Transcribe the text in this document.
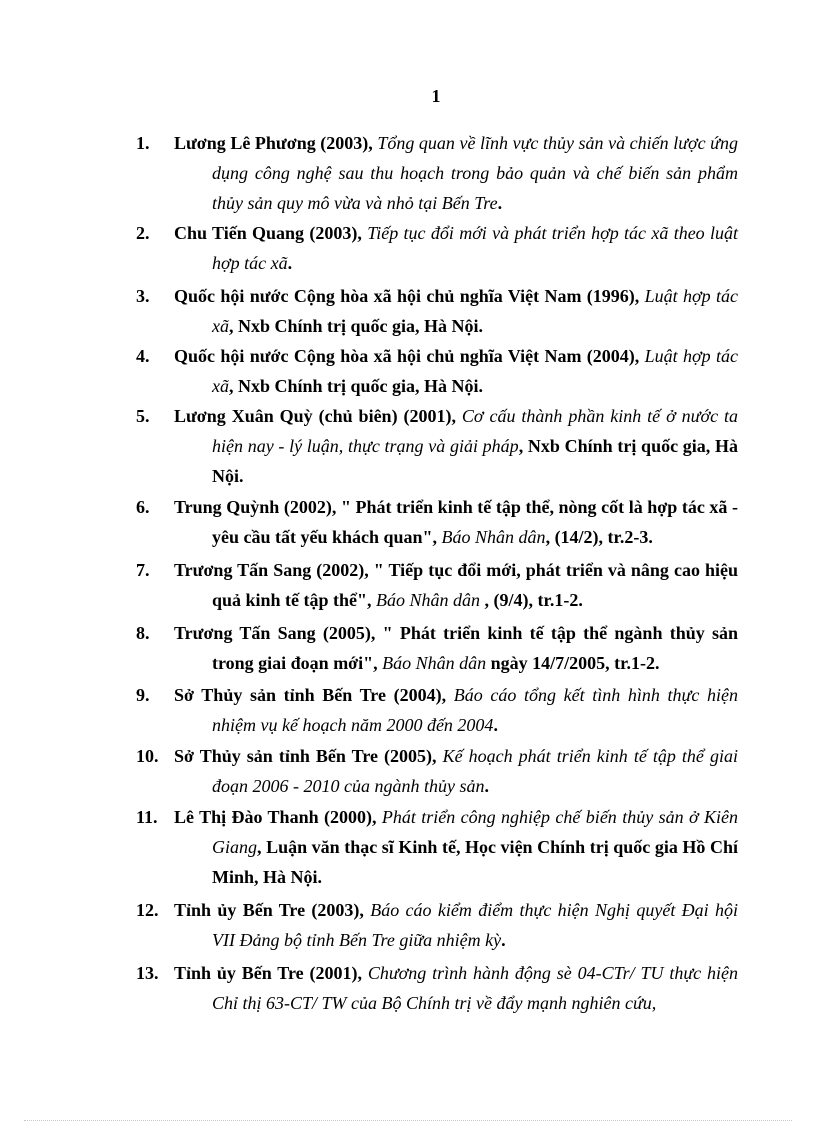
1
1.	Lương Lê Phương (2003), Tổng quan về lĩnh vực thủy sản và chiến lược ứng dụng công nghệ sau thu hoạch trong bảo quản và chế biến sản phẩm thủy sản quy mô vừa và nhỏ tại Bến Tre.
2.	Chu Tiến Quang (2003), Tiếp tục đổi mới và phát triển hợp tác xã theo luật hợp tác xã.
3.	Quốc hội nước Cộng hòa xã hội chủ nghĩa Việt Nam (1996), Luật hợp tác xã, Nxb Chính trị quốc gia, Hà Nội.
4.	Quốc hội nước Cộng hòa xã hội chủ nghĩa Việt Nam (2004), Luật hợp tác xã, Nxb Chính trị quốc gia, Hà Nội.
5.	Lương Xuân Quỳ (chủ biên) (2001), Cơ cấu thành phần kinh tế ở nước ta hiện nay - lý luận, thực trạng và giải pháp, Nxb Chính trị quốc gia, Hà Nội.
6.	Trung Quỳnh (2002), " Phát triển kinh tế tập thể, nòng cốt là hợp tác xã - yêu cầu tất yếu khách quan", Báo Nhân dân, (14/2), tr.2-3.
7.	Trương Tấn Sang (2002), " Tiếp tục đổi mới, phát triển và nâng cao hiệu quả kinh tế tập thể", Báo Nhân dân , (9/4), tr.1-2.
8.	Trương Tấn Sang (2005), " Phát triển kinh tế tập thể ngành thủy sản trong giai đoạn mới", Báo Nhân dân ngày 14/7/2005, tr.1-2.
9.	Sở Thủy sản tỉnh Bến Tre (2004), Báo cáo tổng kết tình hình thực hiện nhiệm vụ kế hoạch năm 2000 đến 2004.
10. Sở Thủy sản tỉnh Bến Tre (2005), Kế hoạch phát triển kinh tế tập thể giai đoạn 2006 - 2010 của ngành thủy sản.
11. Lê Thị Đào Thanh (2000), Phát triển công nghiệp chế biến thủy sản ở Kiên Giang, Luận văn thạc sĩ Kinh tế, Học viện Chính trị quốc gia Hồ Chí Minh, Hà Nội.
12. Tỉnh ủy Bến Tre (2003), Báo cáo kiểm điểm thực hiện Nghị quyết Đại hội VII Đảng bộ tỉnh Bến Tre giữa nhiệm kỳ.
13. Tỉnh ủy Bến Tre (2001), Chương trình hành động sè 04-CTr/ TU thực hiện Chỉ thị 63-CT/ TW của Bộ Chính trị về đẩy mạnh nghiên cứu,
